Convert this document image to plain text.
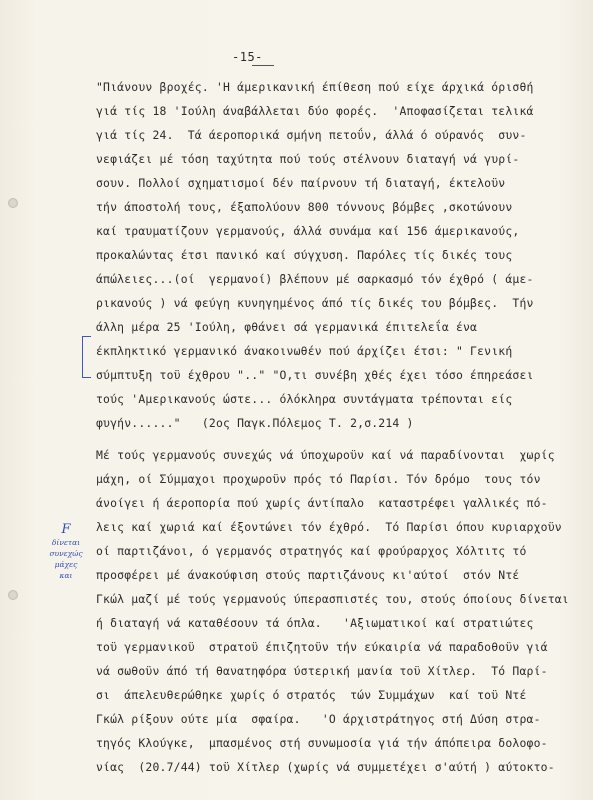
-15-
"Πιάνουν βροχές. 'Η άμερικανική έπίθεση πού είχε άρχικά όρισθή
γιά τίς 18 'Ιούλη άναβάλλεται δύο φορές.  'Αποφασίζεται τελικά
γιά τίς 24.  Τά άεροπορικά σμήνη πετοΰν, άλλά ό ούρανός  συν-
νεφιάζει μέ τόση ταχύτητα πού τούς στέλνουν διαταγή νά γυρί-
σουν. Πολλοί σχηματισμοί δέν παίρνουν τή διαταγή, έκτελοϋν
τήν άποστολή τους, έξαπολύουν 800 τόννους βόμβες ,σκοτώνουν
καί τραυματίζουν γερμανούς, άλλά συνάμα καί 156 άμερικανούς,
προκαλώντας έτσι πανικό καί σύγχυση. Παρόλες τίς δικές τους
άπώλειες...(οί  γερμανοί) βλέπουν μέ σαρκασμό τόν έχθρό ( άμε-
ρικανούς ) νά φεύγη κυνηγημένος άπό τίς δικές του βόμβες.  Τήν
άλλη μέρα 25 'Ιούλη, φθάνει σά γερμανικά έπιτελεΐα ένα
έκπληκτικό γερμανικό άνακοινωθέν πού άρχίζει έτσι: " Γενική
σύμπτυξη τοϋ έχθρου ".." "Ο,τι συνέβη χθές έχει τόσο έπηρεάσει
τούς 'Αμερικανούς ώστε... όλόκληρα συντάγματα τρέπονται είς
φυγήν......"   (2ος Παγκ.Πόλεμος Τ. 2,σ.214 )
Μέ τούς γερμανούς συνεχώς νά ύποχωροϋν καί νά παραδίνονται  χωρίς
μάχη, οί Σύμμαχοι προχωροϋν πρός τό Παρίσι. Τόν δρόμο  τους τόν
άνοίγει ή άεροπορία πού χωρίς άντίπαλο  καταστρέφει γαλλικές πό-
λεις καί χωριά καί έξοντώνει τόν έχθρό.  Τό Παρίσι όπου κυριαρχοϋν
οί παρτιζάνοι, ό γερμανός στρατηγός καί φρούραρχος Χόλτιτς τό
προσφέρει μέ άνακούφιση στούς παρτιζάνους κι'αύτοί  στόν Ντέ
Γκώλ μαζί μέ τούς γερμανούς ύπερασπιστές του, στούς όποίους δίνεται
ή διαταγή νά καταθέσουν τά όπλα.   'Αξιωματικοί καί στρατιώτες
τοϋ γερμανικοϋ  στρατοϋ έπιζητοϋν τήν εύκαιρία νά παραδοθοϋν γιά
νά σωθοϋν άπό τή θανατηφόρα ύστερική μανία τοϋ Χίτλερ.  Τό Παρί-
σι  άπελευθερώθηκε χωρίς ό στρατός  τών Συμμάχων  καί τοϋ Ντέ
Γκώλ ρίξουν ούτε μία  σφαίρα.   'Ο άρχιστράτηγος στή Δύση στρα-
τηγός Κλούγκε,  μπασμένος στή συνωμοσία γιά τήν άπόπειρα δολοφο-
νίας  (20.7/44) τοϋ Χίτλερ (χωρίς νά συμμετέχει σ'αύτή ) αύτοκτο-
F
δίνεται
συνεχώς
μάχες
και
